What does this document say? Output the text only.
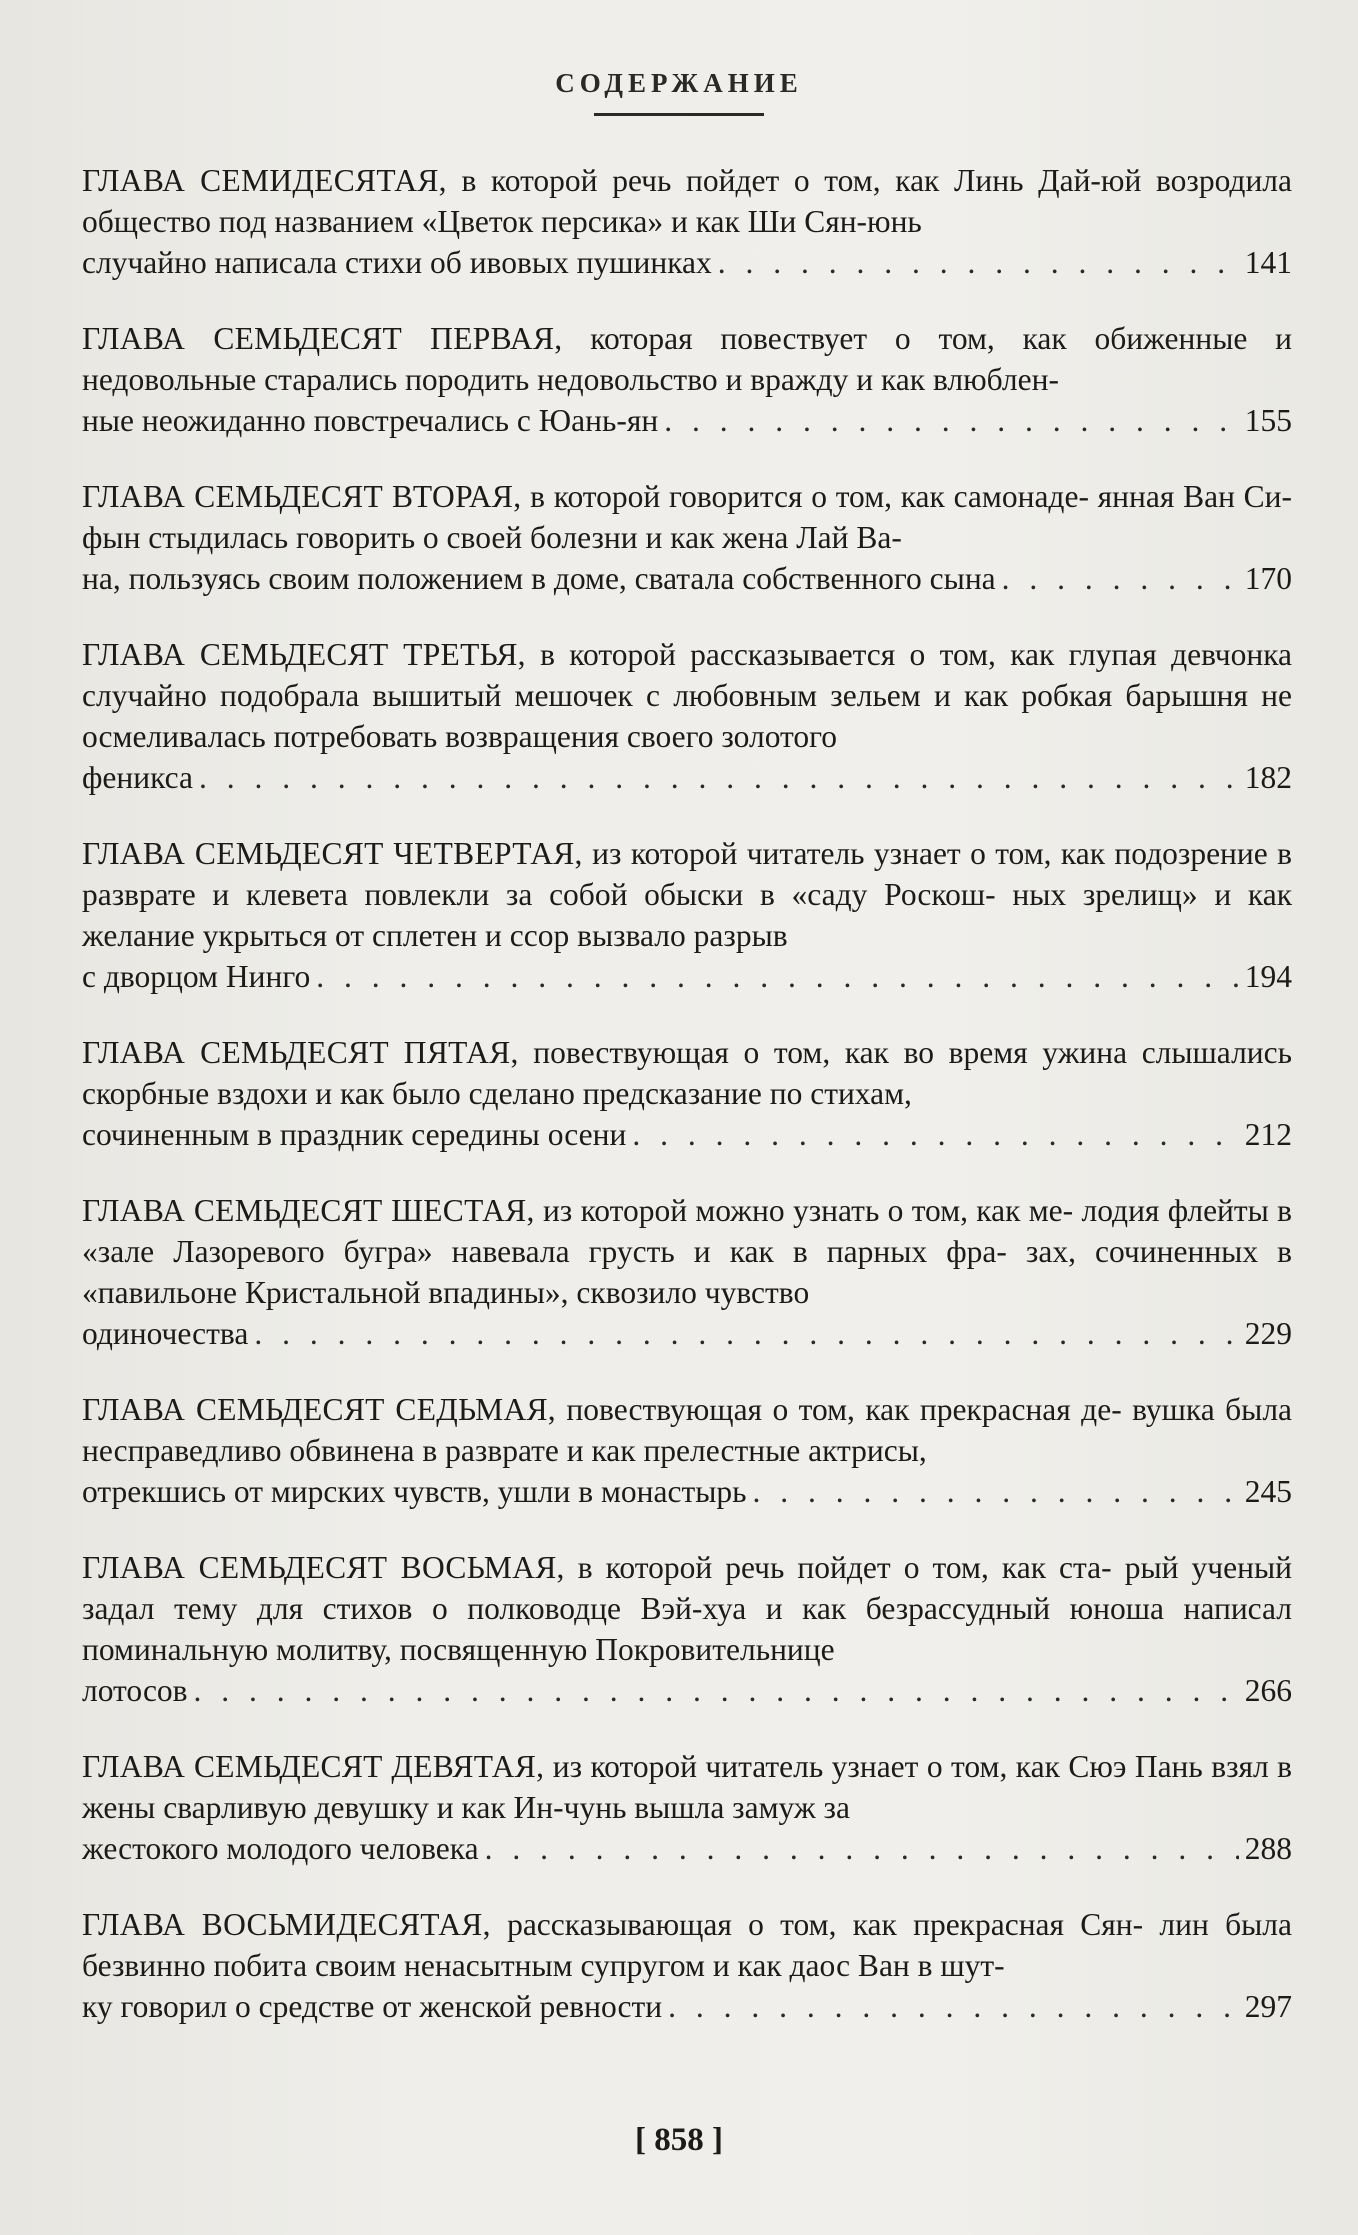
СОДЕРЖАНИЕ
ГЛАВА СЕМИДЕСЯТАЯ, в которой речь пойдет о том, как Линь Дай-юй возродила общество под названием «Цветок персика» и как Ши Сян-юнь
случайно написала стихи об ивовых пушинках . . .	141
ГЛАВА СЕМЬДЕСЯТ ПЕРВАЯ, которая повествует о том, как обиженные и недовольные старались породить недовольство и вражду и как влюблен-
ные неожиданно повстречались с Юань-ян . . .	155
ГЛАВА СЕМЬДЕСЯТ ВТОРАЯ, в которой говорится о том, как самонаде- янная Ван Си-фын стыдилась говорить о своей болезни и как жена Лай Ва-
на, пользуясь своим положением в доме, сватала собственного сына . . .	170
ГЛАВА СЕМЬДЕСЯТ ТРЕТЬЯ, в которой рассказывается о том, как глупая девчонка случайно подобрала вышитый мешочек с любовным зельем и как робкая барышня не осмеливалась потребовать возвращения своего золотого
феникса . . .	182
ГЛАВА СЕМЬДЕСЯТ ЧЕТВЕРТАЯ, из которой читатель узнает о том, как подозрение в разврате и клевета повлекли за собой обыски в «саду Роскош- ных зрелищ» и как желание укрыться от сплетен и ссор вызвало разрыв
с дворцом Нинго . . .	194
ГЛАВА СЕМЬДЕСЯТ ПЯТАЯ, повествующая о том, как во время ужина слышались скорбные вздохи и как было сделано предсказание по стихам,
сочиненным в праздник середины осени . . .	212
ГЛАВА СЕМЬДЕСЯТ ШЕСТАЯ, из которой можно узнать о том, как ме- лодия флейты в «зале Лазоревого бугра» навевала грусть и как в парных фра- зах, сочиненных в «павильоне Кристальной впадины», сквозило чувство
одиночества . . .	229
ГЛАВА СЕМЬДЕСЯТ СЕДЬМАЯ, повествующая о том, как прекрасная де- вушка была несправедливо обвинена в разврате и как прелестные актрисы,
отрекшись от мирских чувств, ушли в монастырь . . .	245
ГЛАВА СЕМЬДЕСЯТ ВОСЬМАЯ, в которой речь пойдет о том, как ста- рый ученый задал тему для стихов о полководце Вэй-хуа и как безрассудный юноша написал поминальную молитву, посвященную Покровительнице
лотосов . . .	266
ГЛАВА СЕМЬДЕСЯТ ДЕВЯТАЯ, из которой читатель узнает о том, как Сюэ Пань взял в жены сварливую девушку и как Ин-чунь вышла замуж за
жестокого молодого человека . . .	288
ГЛАВА ВОСЬМИДЕСЯТАЯ, рассказывающая о том, как прекрасная Сян- лин была безвинно побита своим ненасытным супругом и как даос Ван в шут-
ку говорил о средстве от женской ревности . . .	297
[ 858 ]
